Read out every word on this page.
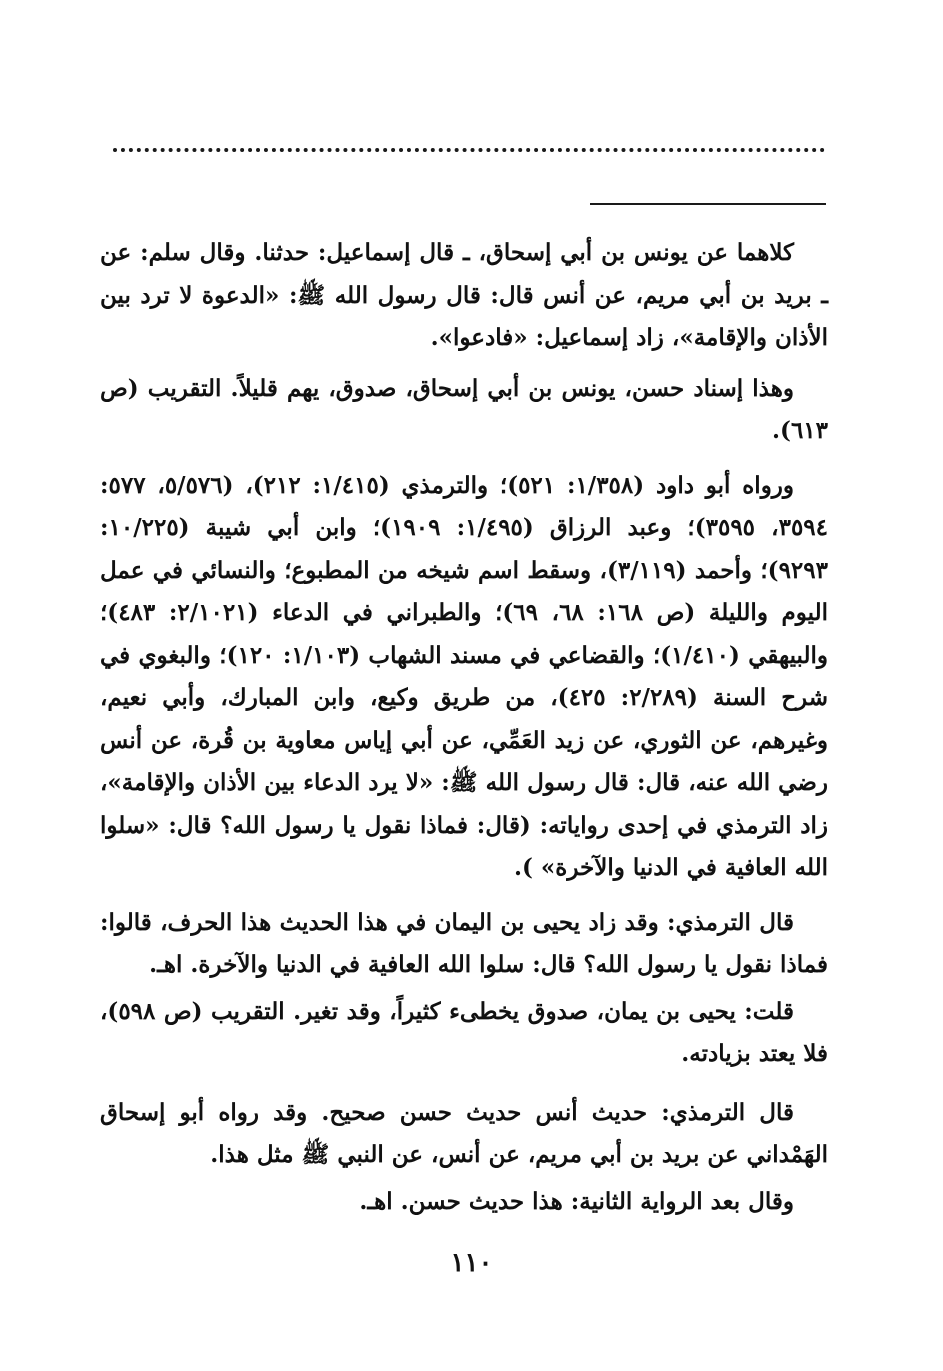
كلاهما عن يونس بن أبي إسحاق، ـ قال إسماعيل: حدثنا. وقال سلم: عن ـ بريد بن أبي مريم، عن أنس قال: قال رسول الله ﷺ: «الدعوة لا ترد بين الأذان والإقامة»، زاد إسماعيل: «فادعوا».

وهذا إسناد حسن، يونس بن أبي إسحاق، صدوق، يهم قليلاً. التقريب (ص ٦١٣).

ورواه أبو داود (١/٣٥٨: ٥٢١)؛ والترمذي (١/٤١٥: ٢١٢)، (٥/٥٧٦، ٥٧٧: ٣٥٩٤، ٣٥٩٥)؛ وعبد الرزاق (١/٤٩٥: ١٩٠٩)؛ وابن أبي شيبة (١٠/٢٢٥: ٩٢٩٣)؛ وأحمد (٣/١١٩)، وسقط اسم شيخه من المطبوع؛ والنسائي في عمل اليوم والليلة (ص ١٦٨: ٦٨، ٦٩)؛ والطبراني في الدعاء (٢/١٠٢١: ٤٨٣)؛ والبيهقي (١/٤١٠)؛ والقضاعي في مسند الشهاب (١/١٠٣: ١٢٠)؛ والبغوي في شرح السنة (٢/٢٨٩: ٤٢٥)، من طريق وكيع، وابن المبارك، وأبي نعيم، وغيرهم، عن الثوري، عن زيد العَمِّي، عن أبي إياس معاوية بن قُرة، عن أنس رضي الله عنه، قال: قال رسول الله ﷺ: «لا يرد الدعاء بين الأذان والإقامة»، زاد الترمذي في إحدى رواياته: (قال: فماذا نقول يا رسول الله؟ قال: «سلوا الله العافية في الدنيا والآخرة» ).

قال الترمذي: وقد زاد يحيى بن اليمان في هذا الحديث هذا الحرف، قالوا: فماذا نقول يا رسول الله؟ قال: سلوا الله العافية في الدنيا والآخرة. اهـ.

قلت: يحيى بن يمان، صدوق يخطىء كثيراً، وقد تغير. التقريب (ص ٥٩٨)، فلا يعتد بزيادته.

قال الترمذي: حديث أنس حديث حسن صحيح. وقد رواه أبو إسحاق الهَمْداني عن بريد بن أبي مريم، عن أنس، عن النبي ﷺ مثل هذا.

وقال بعد الرواية الثانية: هذا حديث حسن. اهـ.

١١٠
